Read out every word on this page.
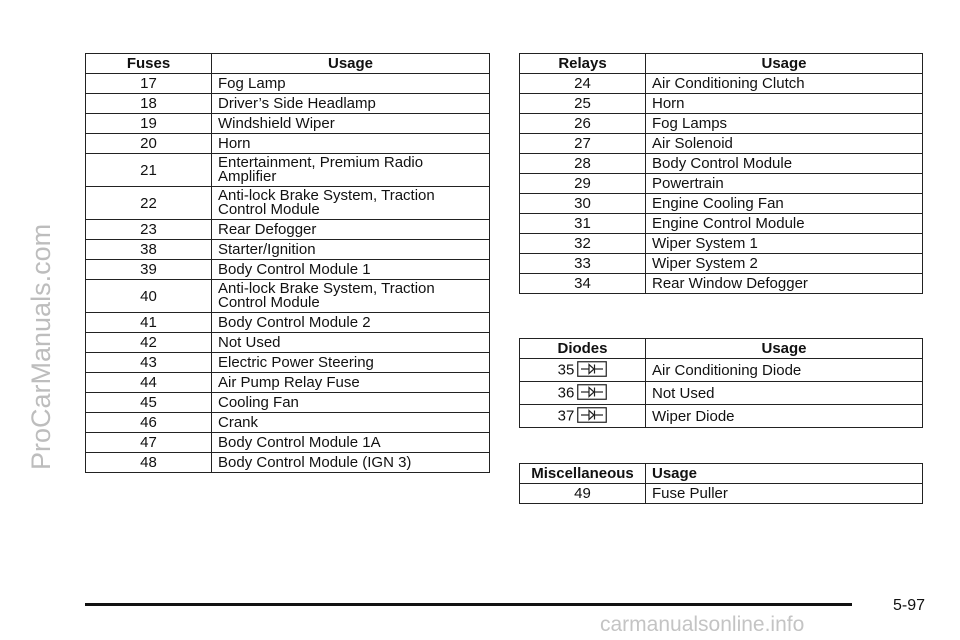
ProCarManuals.com
Fuses	Usage
17	Fog Lamp
18	Driver’s Side Headlamp
19	Windshield Wiper
20	Horn
21	Entertainment, Premium Radio Amplifier
22	Anti-lock Brake System, Traction Control Module
23	Rear Defogger
38	Starter/Ignition
39	Body Control Module 1
40	Anti-lock Brake System, Traction Control Module
41	Body Control Module 2
42	Not Used
43	Electric Power Steering
44	Air Pump Relay Fuse
45	Cooling Fan
46	Crank
47	Body Control Module 1A
48	Body Control Module (IGN 3)
Relays	Usage
24	Air Conditioning Clutch
25	Horn
26	Fog Lamps
27	Air Solenoid
28	Body Control Module
29	Powertrain
30	Engine Cooling Fan
31	Engine Control Module
32	Wiper System 1
33	Wiper System 2
34	Rear Window Defogger
Diodes	Usage
35	Air Conditioning Diode
36	Not Used
37	Wiper Diode
Miscellaneous	Usage
49	Fuse Puller
5-97
carmanualsonline.info
